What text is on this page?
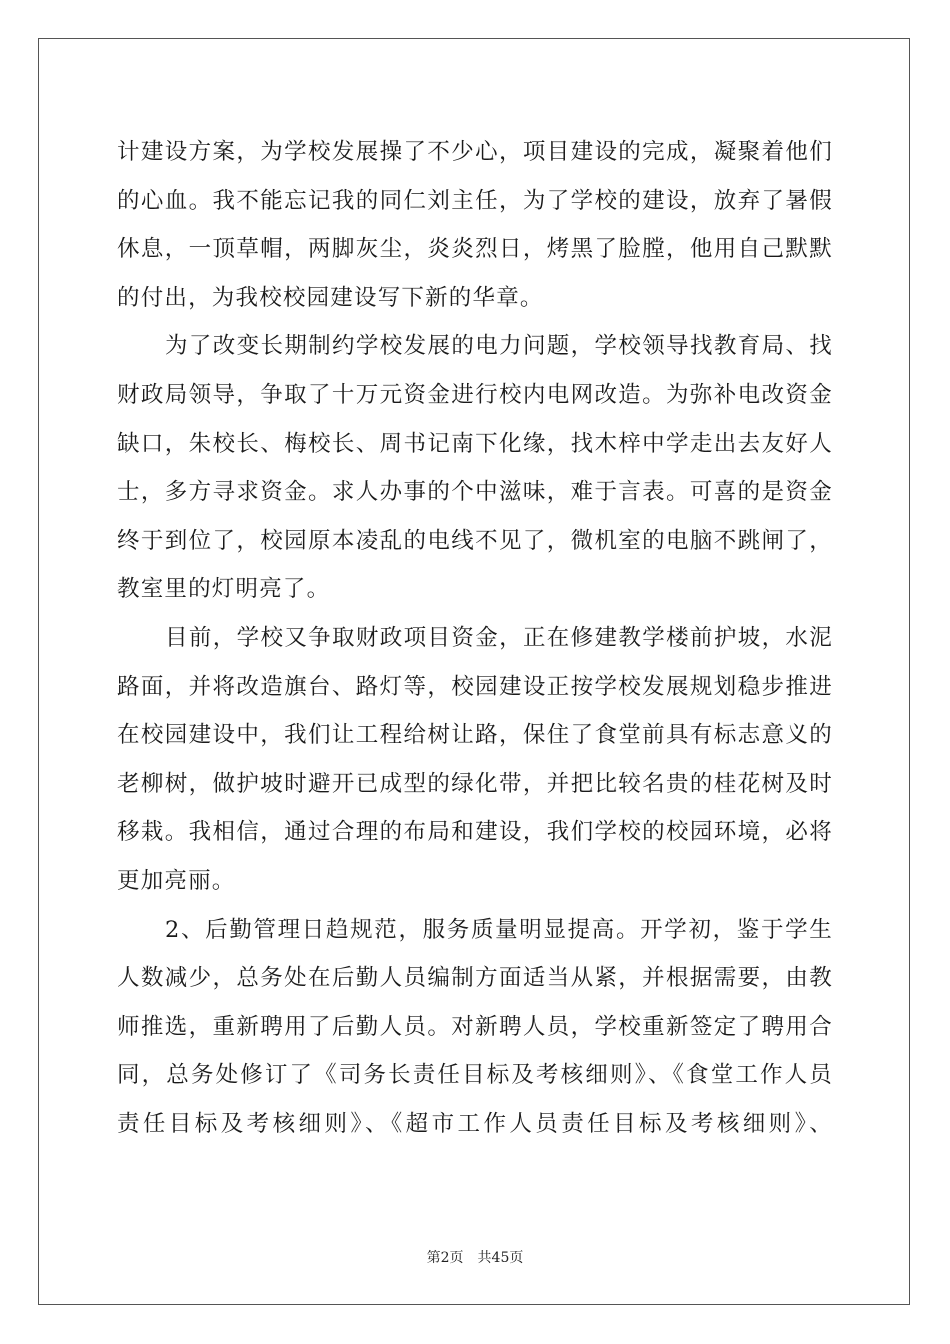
计建设方案，为学校发展操了不少心，项目建设的完成，凝聚着他们
的心血。我不能忘记我的同仁刘主任，为了学校的建设，放弃了暑假
休息，一顶草帽，两脚灰尘，炎炎烈日，烤黑了脸膛，他用自己默默
的付出，为我校校园建设写下新的华章。
为了改变长期制约学校发展的电力问题，学校领导找教育局、找
财政局领导，争取了十万元资金进行校内电网改造。为弥补电改资金
缺口，朱校长、梅校长、周书记南下化缘，找木梓中学走出去友好人
士，多方寻求资金。求人办事的个中滋味，难于言表。可喜的是资金
终于到位了，校园原本凌乱的电线不见了，微机室的电脑不跳闸了，
教室里的灯明亮了。
目前，学校又争取财政项目资金，正在修建教学楼前护坡，水泥
路面，并将改造旗台、路灯等，校园建设正按学校发展规划稳步推进
在校园建设中，我们让工程给树让路，保住了食堂前具有标志意义的
老柳树，做护坡时避开已成型的绿化带，并把比较名贵的桂花树及时
移栽。我相信，通过合理的布局和建设，我们学校的校园环境，必将
更加亮丽。
2、后勤管理日趋规范，服务质量明显提高。开学初，鉴于学生
人数减少，总务处在后勤人员编制方面适当从紧，并根据需要，由教
师推选，重新聘用了后勤人员。对新聘人员，学校重新签定了聘用合
同，总务处修订了《司务长责任目标及考核细则》、《食堂工作人员
责任目标及考核细则》、《超市工作人员责任目标及考核细则》、
第2页 共45页
